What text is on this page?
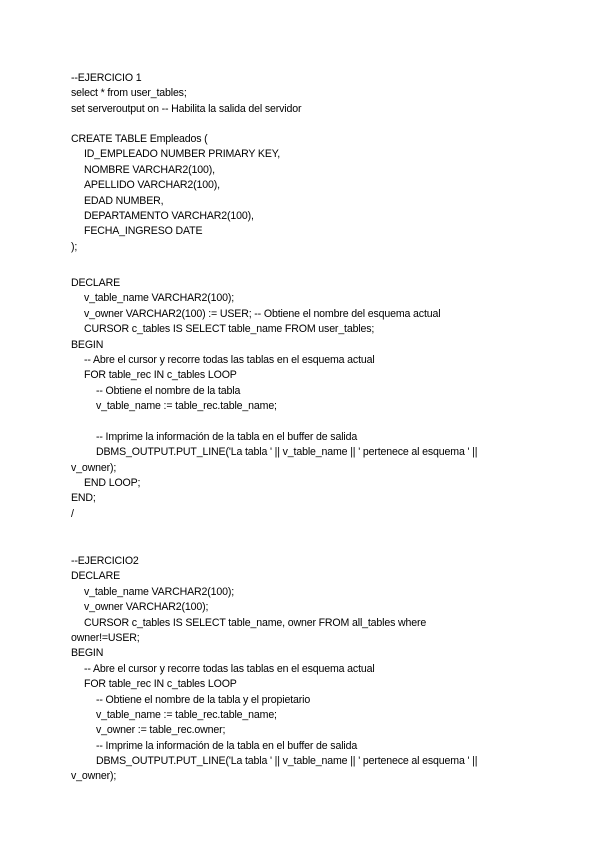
--EJERCICIO 1
select * from user_tables;
set serveroutput on -- Habilita la salida del servidor
CREATE TABLE Empleados (
ID_EMPLEADO NUMBER PRIMARY KEY,
NOMBRE VARCHAR2(100),
APELLIDO VARCHAR2(100),
EDAD NUMBER,
DEPARTAMENTO VARCHAR2(100),
FECHA_INGRESO DATE
);
DECLARE
v_table_name VARCHAR2(100);
v_owner VARCHAR2(100) := USER; -- Obtiene el nombre del esquema actual
CURSOR c_tables IS SELECT table_name FROM user_tables;
BEGIN
-- Abre el cursor y recorre todas las tablas en el esquema actual
FOR table_rec IN c_tables LOOP
-- Obtiene el nombre de la tabla
v_table_name := table_rec.table_name;
-- Imprime la información de la tabla en el buffer de salida
DBMS_OUTPUT.PUT_LINE('La tabla ' || v_table_name || ' pertenece al esquema ' ||
v_owner);
END LOOP;
END;
/
--EJERCICIO2
DECLARE
v_table_name VARCHAR2(100);
v_owner VARCHAR2(100);
CURSOR c_tables IS SELECT table_name, owner FROM all_tables where
owner!=USER;
BEGIN
-- Abre el cursor y recorre todas las tablas en el esquema actual
FOR table_rec IN c_tables LOOP
-- Obtiene el nombre de la tabla y el propietario
v_table_name := table_rec.table_name;
v_owner := table_rec.owner;
-- Imprime la información de la tabla en el buffer de salida
DBMS_OUTPUT.PUT_LINE('La tabla ' || v_table_name || ' pertenece al esquema ' ||
v_owner);
